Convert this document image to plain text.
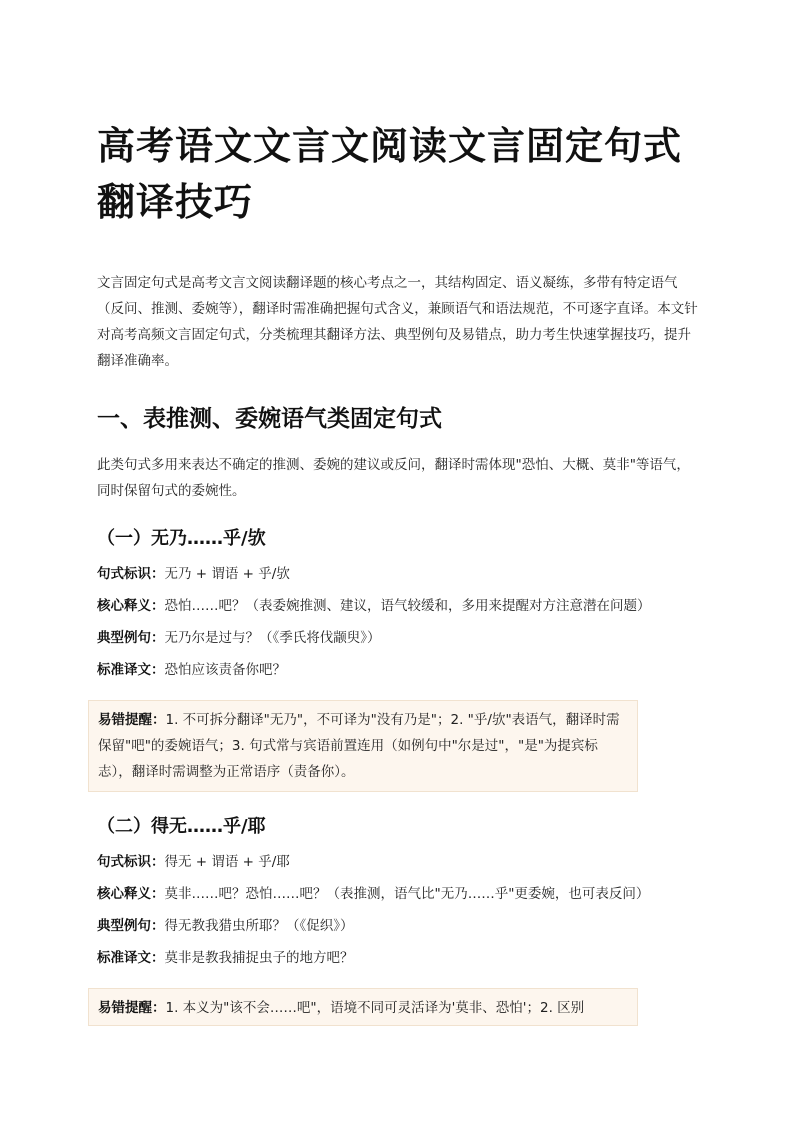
高考语文文言文阅读文言固定句式翻译技巧

文言固定句式是高考文言文阅读翻译题的核心考点之一，其结构固定、语义凝练，多带有特定语气（反问、推测、委婉等），翻译时需准确把握句式含义，兼顾语气和语法规范，不可逐字直译。本文针对高考高频文言固定句式，分类梳理其翻译方法、典型例句及易错点，助力考生快速掌握技巧，提升翻译准确率。

一、表推测、委婉语气类固定句式

此类句式多用来表达不确定的推测、委婉的建议或反问，翻译时需体现"恐怕、大概、莫非"等语气，同时保留句式的委婉性。

（一）无乃……乎/欤
句式标识：无乃 + 谓语 + 乎/欤
核心释义：恐怕……吧？（表委婉推测、建议，语气较缓和，多用来提醒对方注意潜在问题）
典型例句：无乃尔是过与？（《季氏将伐颛臾》）
标准译文：恐怕应该责备你吧？
易错提醒：1. 不可拆分翻译"无乃"，不可译为"没有乃是"；2. "乎/欤"表语气，翻译时需保留"吧"的委婉语气；3. 句式常与宾语前置连用（如例句中"尔是过"，"是"为提宾标志），翻译时需调整为正常语序（责备你）。
（二）得无……乎/耶
句式标识：得无 + 谓语 + 乎/耶
核心释义：莫非……吧？恐怕……吧？（表推测，语气比"无乃……乎"更委婉，也可表反问）
典型例句：得无教我猎虫所耶？（《促织》）
标准译文：莫非是教我捕捉虫子的地方吧？
易错提醒：1. 本义为"该不会……吧"，语境不同可灵活译为'莫非、恐怕'；2. 区别
